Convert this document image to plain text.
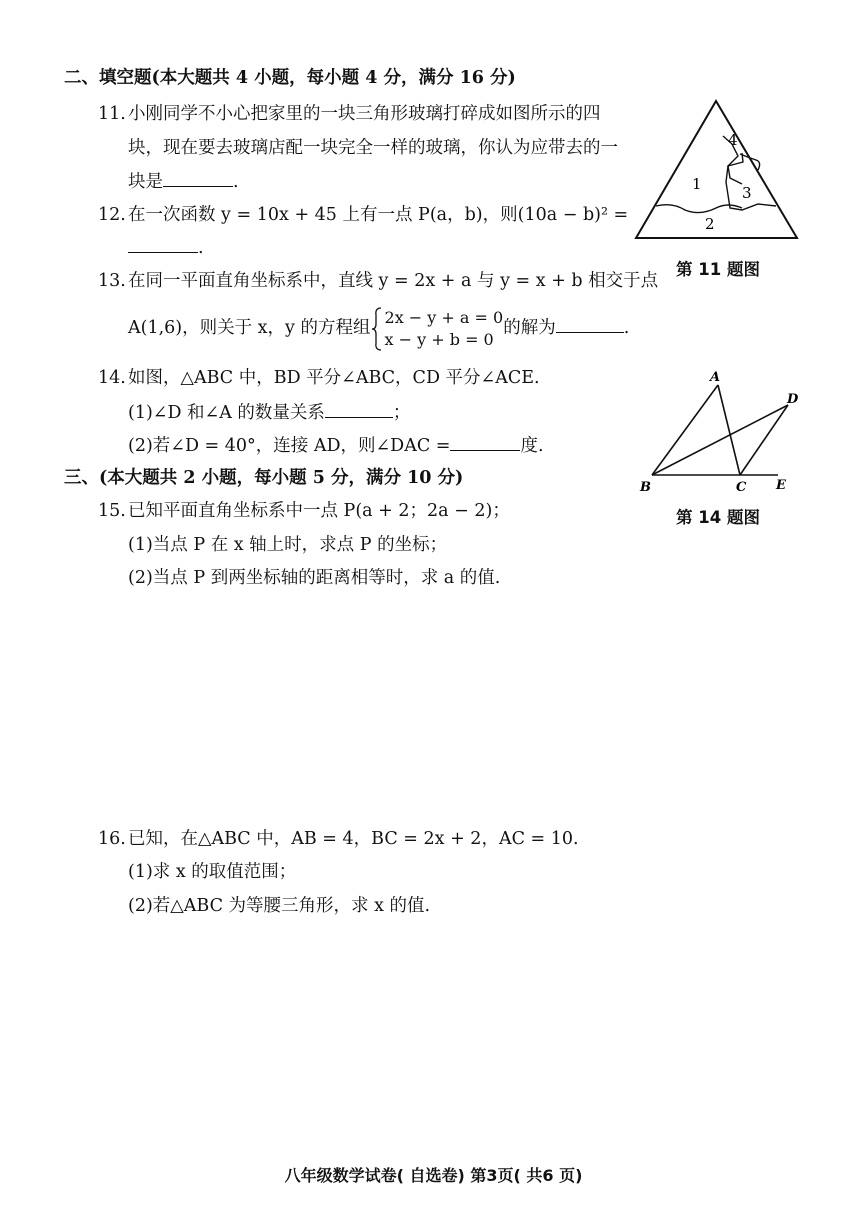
二、填空题(本大题共 4 小题，每小题 4 分，满分 16 分)
11. 小刚同学不小心把家里的一块三角形玻璃打碎成如图所示的四
块，现在要去玻璃店配一块完全一样的玻璃，你认为应带去的一
块是	.
12. 在一次函数 y = 10x + 45 上有一点 P(a，b)，则(10a − b)² =
.
13. 在同一平面直角坐标系中，直线 y = 2x + a 与 y = x + b 相交于点
A(1,6)，则关于 x，y 的方程组
2x − y + a = 0
x − y + b = 0
的解为	.
14. 如图，△ABC 中，BD 平分∠ABC，CD 平分∠ACE.
(1)∠D 和∠A 的数量关系	；
(2)若∠D = 40°，连接 AD，则∠DAC =	度.
三、(本大题共 2 小题，每小题 5 分，满分 10 分)
15. 已知平面直角坐标系中一点 P(a + 2；2a − 2)；
(1)当点 P 在 x 轴上时，求点 P 的坐标；
(2)当点 P 到两坐标轴的距离相等时，求 a 的值.
16. 已知，在△ABC 中，AB = 4，BC = 2x + 2，AC = 10.
(1)求 x 的取值范围；
(2)若△ABC 为等腰三角形，求 x 的值.
4
1	3
2
第 11 题图
A
D
B	C E
第 14 题图
八年级数学试卷( 自选卷) 第3页( 共6 页)
